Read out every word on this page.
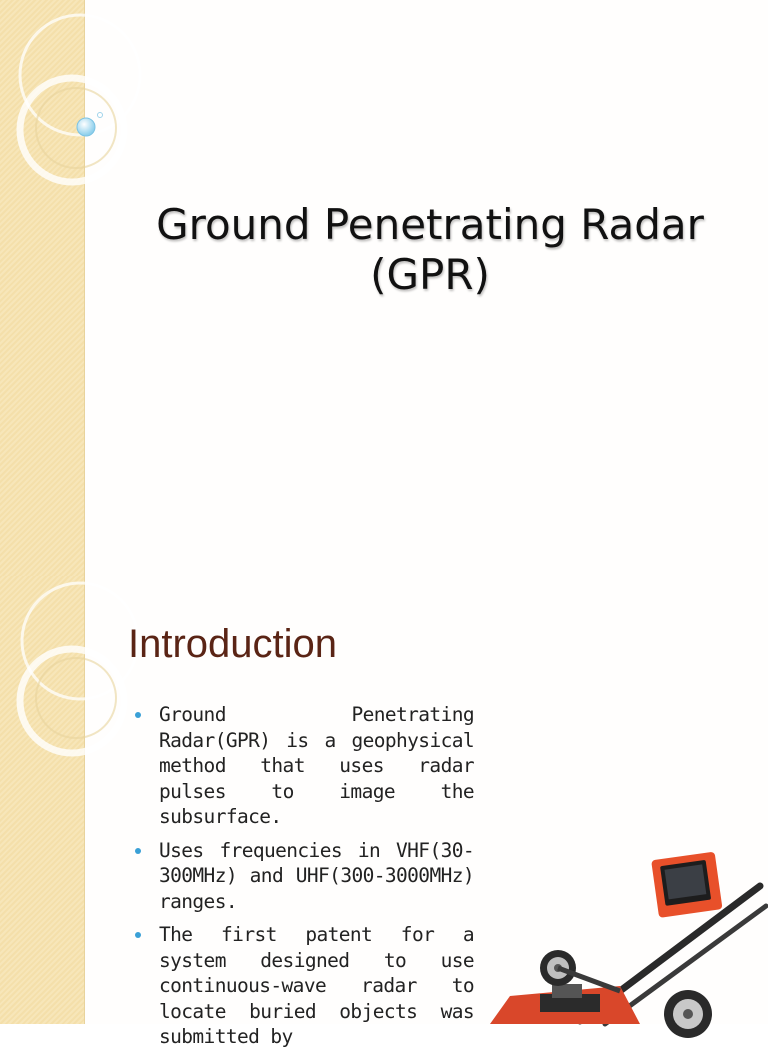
Ground Penetrating Radar
(GPR)
Introduction
Ground Penetrating Radar(GPR) is a geophysical method that uses radar pulses to image the subsurface.
Uses frequencies in VHF(30-300MHz) and UHF(300-3000MHz) ranges.
The first patent for a system designed to use continuous-wave radar to locate buried objects was submitted by
